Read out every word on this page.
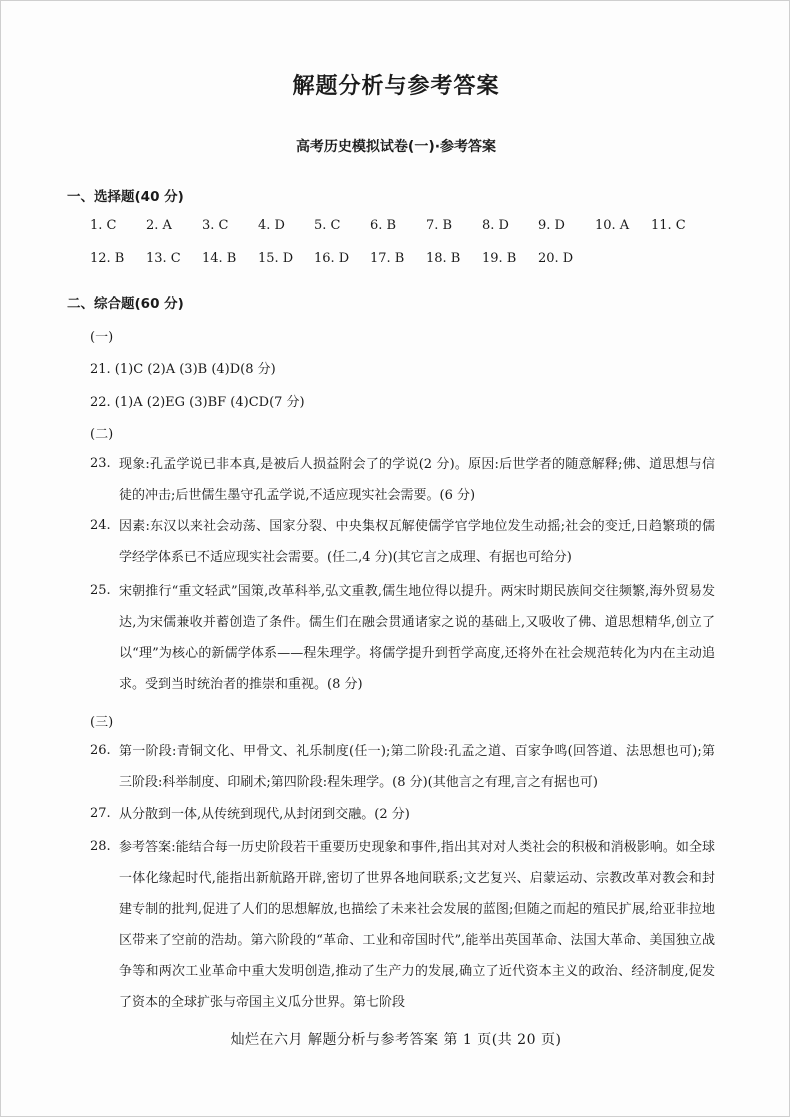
解题分析与参考答案
高考历史模拟试卷(一)·参考答案
一、选择题(40 分)
1. C 2. A 3. C 4. D 5. C 6. B 7. B 8. D 9. D 10. A 11. C
12. B 13. C 14. B 15. D 16. D 17. B 18. B 19. B 20. D
二、综合题(60 分)
(一)
21. (1)C (2)A (3)B (4)D(8 分)
22. (1)A (2)EG (3)BF (4)CD(7 分)
(二)
23. 现象:孔孟学说已非本真,是被后人损益附会了的学说(2 分)。原因:后世学者的随意解释;佛、道思想与信徒的冲击;后世儒生墨守孔孟学说,不适应现实社会需要。(6 分)
24. 因素:东汉以来社会动荡、国家分裂、中央集权瓦解使儒学官学地位发生动摇;社会的变迁,日趋繁琐的儒学经学体系已不适应现实社会需要。(任二,4 分)(其它言之成理、有据也可给分)
25. 宋朝推行“重文轻武”国策,改革科举,弘文重教,儒生地位得以提升。两宋时期民族间交往频繁,海外贸易发达,为宋儒兼收并蓄创造了条件。儒生们在融会贯通诸家之说的基础上,又吸收了佛、道思想精华,创立了以“理”为核心的新儒学体系——程朱理学。将儒学提升到哲学高度,还将外在社会规范转化为内在主动追求。受到当时统治者的推崇和重视。(8 分)
(三)
26. 第一阶段:青铜文化、甲骨文、礼乐制度(任一);第二阶段:孔孟之道、百家争鸣(回答道、法思想也可);第三阶段:科举制度、印刷术;第四阶段:程朱理学。(8 分)(其他言之有理,言之有据也可)
27. 从分散到一体,从传统到现代,从封闭到交融。(2 分)
28. 参考答案:能结合每一历史阶段若干重要历史现象和事件,指出其对对人类社会的积极和消极影响。如全球一体化缘起时代,能指出新航路开辟,密切了世界各地间联系;文艺复兴、启蒙运动、宗教改革对教会和封建专制的批判,促进了人们的思想解放,也描绘了未来社会发展的蓝图;但随之而起的殖民扩展,给亚非拉地区带来了空前的浩劫。第六阶段的“革命、工业和帝国时代”,能举出英国革命、法国大革命、美国独立战争等和两次工业革命中重大发明创造,推动了生产力的发展,确立了近代资本主义的政治、经济制度,促发了资本的全球扩张与帝国主义瓜分世界。第七阶段
灿烂在六月 解题分析与参考答案 第 1 页(共 20 页)
